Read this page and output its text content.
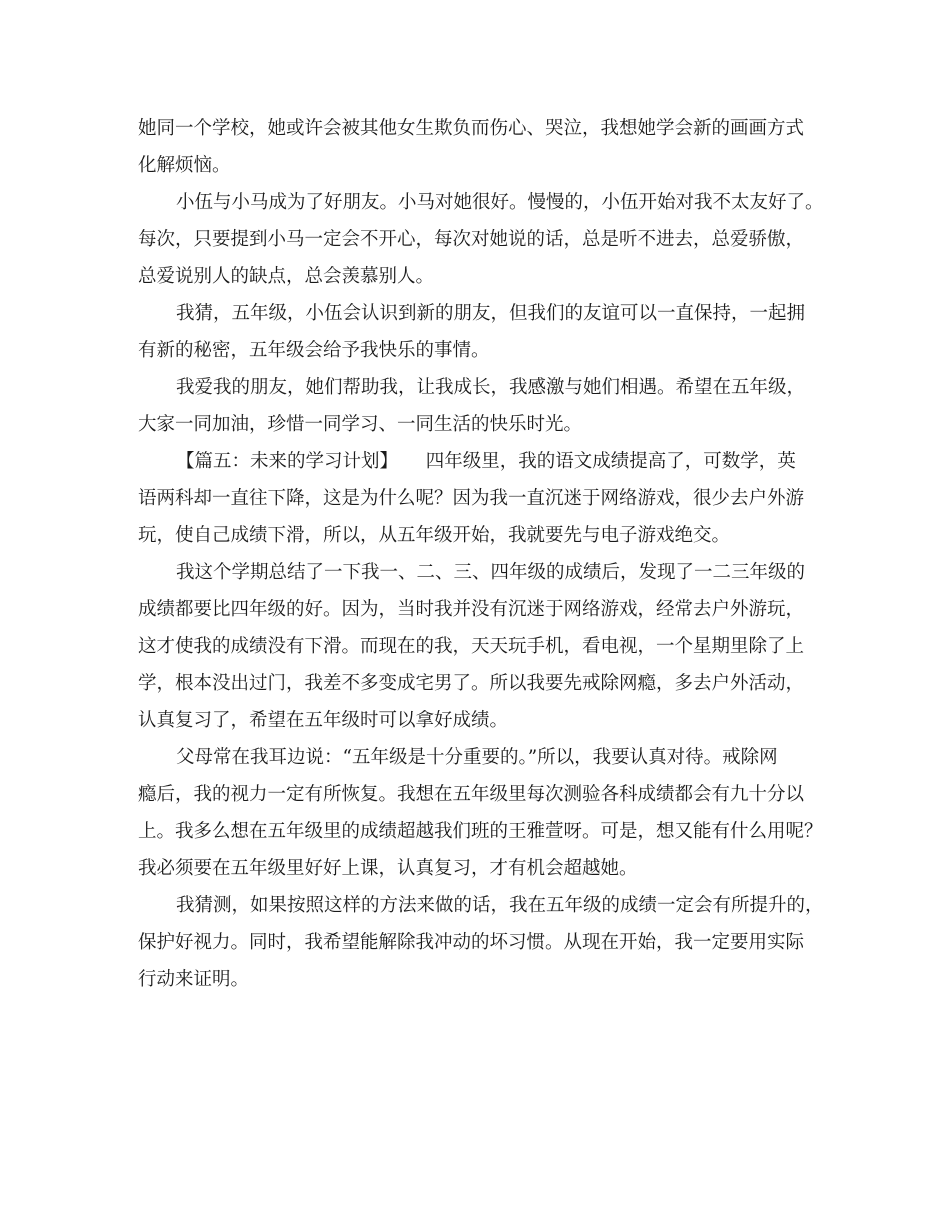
她同一个学校，她或许会被其他女生欺负而伤心、哭泣，我想她学会新的画画方式
化解烦恼。
小伍与小马成为了好朋友。小马对她很好。慢慢的，小伍开始对我不太友好了。
每次，只要提到小马一定会不开心，每次对她说的话，总是听不进去，总爱骄傲，
总爱说别人的缺点，总会羡慕别人。
我猜，五年级，小伍会认识到新的朋友，但我们的友谊可以一直保持，一起拥
有新的秘密，五年级会给予我快乐的事情。
我爱我的朋友，她们帮助我，让我成长，我感激与她们相遇。希望在五年级，
大家一同加油，珍惜一同学习、一同生活的快乐时光。
【篇五：未来的学习计划】　　四年级里，我的语文成绩提高了，可数学，英
语两科却一直往下降，这是为什么呢？因为我一直沉迷于网络游戏，很少去户外游
玩，使自己成绩下滑，所以，从五年级开始，我就要先与电子游戏绝交。
我这个学期总结了一下我一、二、三、四年级的成绩后，发现了一二三年级的
成绩都要比四年级的好。因为，当时我并没有沉迷于网络游戏，经常去户外游玩，
这才使我的成绩没有下滑。而现在的我，天天玩手机，看电视，一个星期里除了上
学，根本没出过门，我差不多变成宅男了。所以我要先戒除网瘾，多去户外活动，
认真复习了，希望在五年级时可以拿好成绩。
父母常在我耳边说：“五年级是十分重要的。”所以，我要认真对待。戒除网
瘾后，我的视力一定有所恢复。我想在五年级里每次测验各科成绩都会有九十分以
上。我多么想在五年级里的成绩超越我们班的王雅萱呀。可是，想又能有什么用呢？
我必须要在五年级里好好上课，认真复习，才有机会超越她。
我猜测，如果按照这样的方法来做的话，我在五年级的成绩一定会有所提升的，
保护好视力。同时，我希望能解除我冲动的坏习惯。从现在开始，我一定要用实际
行动来证明。
